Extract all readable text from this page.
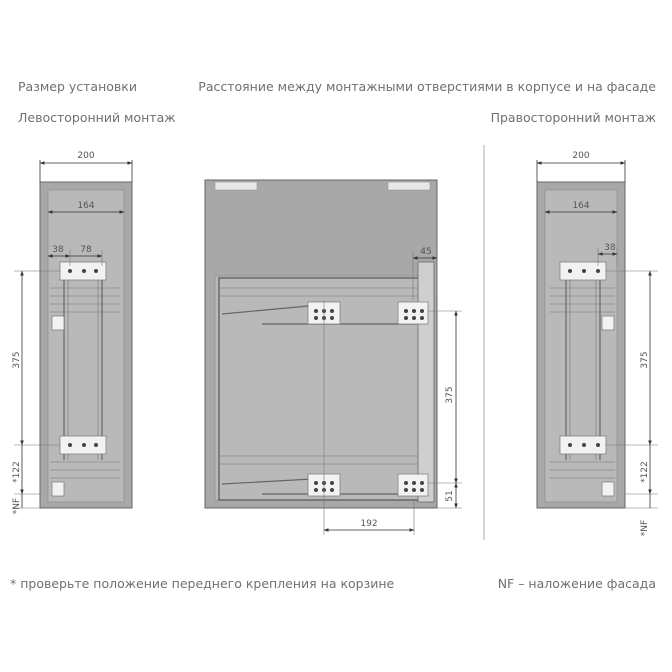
Размер установки	Расстояние между монтажными отверстиями в корпусе и на фасаде
Левосторонний монтаж	Правосторонний монтаж
* проверьте положение переднего крепления на корзине	NF – наложение фасада
200
164
38 78
375
*122
*NF
45
375
51
192
200
164
38
375
*122
*NF
